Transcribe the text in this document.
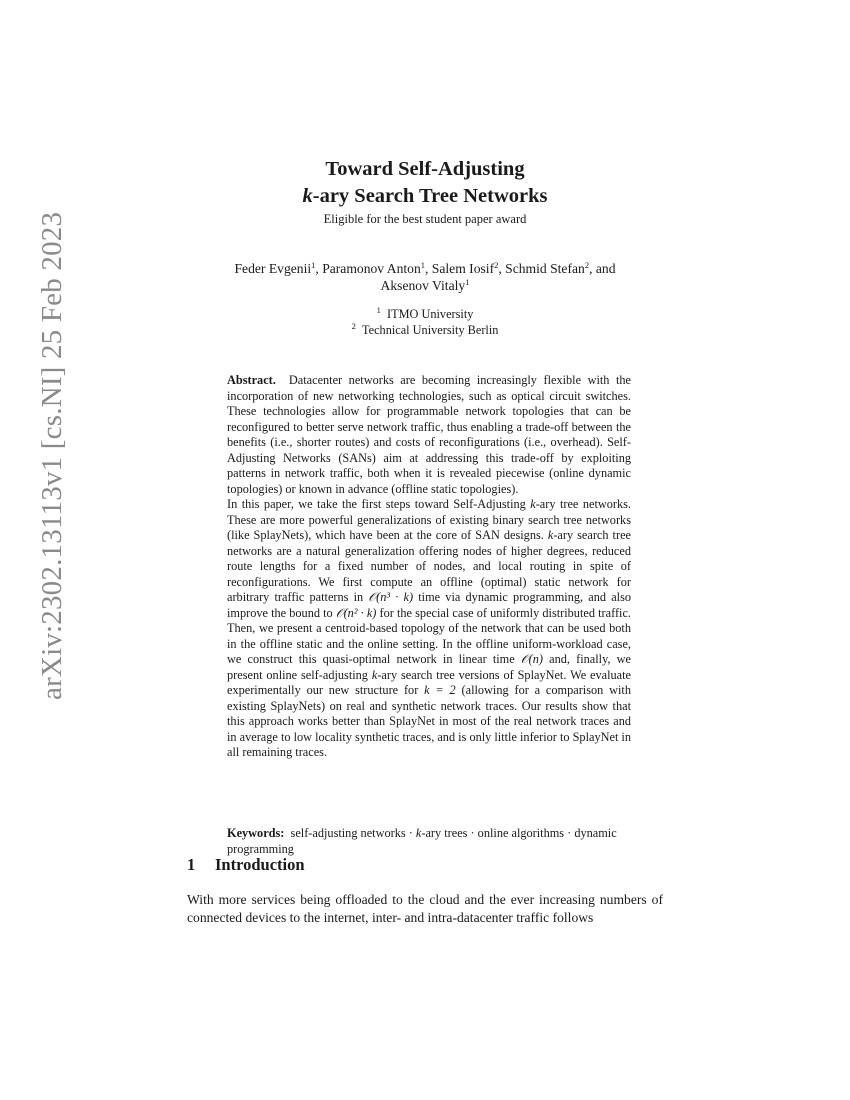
arXiv:2302.13113v1 [cs.NI] 25 Feb 2023
Toward Self-Adjusting
k-ary Search Tree Networks
Eligible for the best student paper award
Feder Evgenii$^1$, Paramonov Anton$^1$, Salem Iosif$^2$, Schmid Stefan$^2$, and
Aksenov Vitaly$^1$
$^1$ ITMO University
$^2$ Technical University Berlin

Abstract. Datacenter networks are becoming increasingly flexible with the incorporation of new networking technologies, such as optical circuit switches. These technologies allow for programmable network topologies that can be reconfigured to better serve network traffic, thus enabling a trade-off between the benefits (i.e., shorter routes) and costs of reconfigurations (i.e., overhead). Self-Adjusting Networks (SANs) aim at addressing this trade-off by exploiting patterns in network traffic, both when it is revealed piecewise (online dynamic topologies) or known in advance (offline static topologies).

In this paper, we take the first steps toward Self-Adjusting k-ary tree networks. These are more powerful generalizations of existing binary search tree networks (like SplayNets), which have been at the core of SAN designs. k-ary search tree networks are a natural generalization offering nodes of higher degrees, reduced route lengths for a fixed number of nodes, and local routing in spite of reconfigurations. We first compute an offline (optimal) static network for arbitrary traffic patterns in 𝒪(n³ · k) time via dynamic programming, and also improve the bound to 𝒪(n² · k) for the special case of uniformly distributed traffic. Then, we present a centroid-based topology of the network that can be used both in the offline static and the online setting. In the offline uniform-workload case, we construct this quasi-optimal network in linear time 𝒪(n) and, finally, we present online self-adjusting k-ary search tree versions of SplayNet. We evaluate experimentally our new structure for k = 2 (allowing for a comparison with existing SplayNets) on real and synthetic network traces. Our results show that this approach works better than SplayNet in most of the real network traces and in average to low locality synthetic traces, and is only little inferior to SplayNet in all remaining traces.

Keywords: self-adjusting networks · k-ary trees · online algorithms · dynamic programming
1 Introduction
With more services being offloaded to the cloud and the ever increasing numbers of connected devices to the internet, inter- and intra-datacenter traffic follows
